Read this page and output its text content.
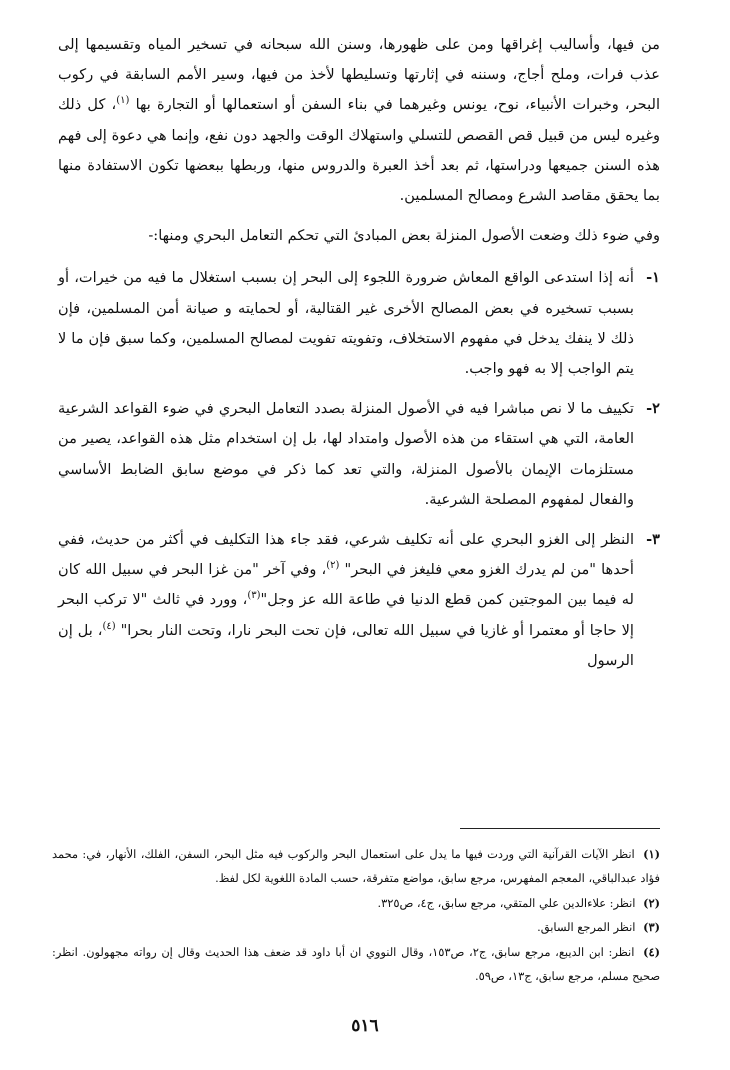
من فيها، وأساليب إغراقها ومن على ظهورها، وسنن الله سبحانه في تسخير المياه وتقسيمها إلى عذب فرات، وملح أجاج، وسننه في إثارتها وتسليطها لأخذ من فيها، وسير الأمم السابقة في ركوب البحر، وخبرات الأنبياء، نوح، يونس وغيرهما في بناء السفن أو استعمالها أو التجارة بها $^{(١)}$، كل ذلك وغيره ليس من قبيل قص القصص للتسلي واستهلاك الوقت والجهد دون نفع، وإنما هي دعوة إلى فهم هذه السنن جميعها ودراستها، ثم بعد أخذ العبرة والدروس منها، وربطها ببعضها تكون الاستفادة منها بما يحقق مقاصد الشرع ومصالح المسلمين.

وفي ضوء ذلك وضعت الأصول المنزلة بعض المبادئ التي تحكم التعامل البحري ومنها:-

١-
أنه إذا استدعى الواقع المعاش ضرورة اللجوء إلى البحر إن بسبب استغلال ما فيه من خيرات، أو بسبب تسخيره في بعض المصالح الأخرى غير القتالية، أو لحمايته و صيانة أمن المسلمين، فإن ذلك لا ينفك يدخل في مفهوم الاستخلاف، وتفويته تفويت لمصالح المسلمين، وكما سبق فإن ما لا يتم الواجب إلا به فهو واجب.
٢-
تكييف ما لا نص مباشرا فيه في الأصول المنزلة بصدد التعامل البحري في ضوء القواعد الشرعية العامة، التي هي استقاء من هذه الأصول وامتداد لها، بل إن استخدام مثل هذه القواعد، يصير من مستلزمات الإيمان بالأصول المنزلة، والتي تعد كما ذكر في موضع سابق الضابط الأساسي والفعال لمفهوم المصلحة الشرعية.
٣-
النظر إلى الغزو البحري على أنه تكليف شرعي، فقد جاء هذا التكليف في أكثر من حديث، ففي أحدها "من لم يدرك الغزو معي فليغز في البحر" $^{(٢)}$، وفي آخر "من غزا البحر في سبيل الله كان له فيما بين الموجتين كمن قطع الدنيا في طاعة الله عز وجل"$^{(٣)}$، وورد في ثالث "لا تركب البحر إلا حاجا أو معتمرا أو غازيا في سبيل الله تعالى، فإن تحت البحر نارا، وتحت النار بحرا" $^{(٤)}$، بل إن الرسول
(١) انظر الآيات القرآنية التي وردت فيها ما يدل على استعمال البحر والركوب فيه مثل البحر، السفن، الفلك، الأنهار، في: محمد فؤاد عبدالباقي، المعجم المفهرس، مرجع سابق، مواضع متفرقة، حسب المادة اللغوية لكل لفظ.
(٢) انظر: علاءالدين علي المتقي، مرجع سابق، ج٤، ص٣٢٥.
(٣) انظر المرجع السابق.
(٤) انظر: ابن الديبع، مرجع سابق، ج٢، ص١٥٣، وقال النووي ان أبا داود قد ضعف هذا الحديث وقال إن رواته مجهولون. انظر: صحيح مسلم، مرجع سابق، ج١٣، ص٥٩.
٥١٦
